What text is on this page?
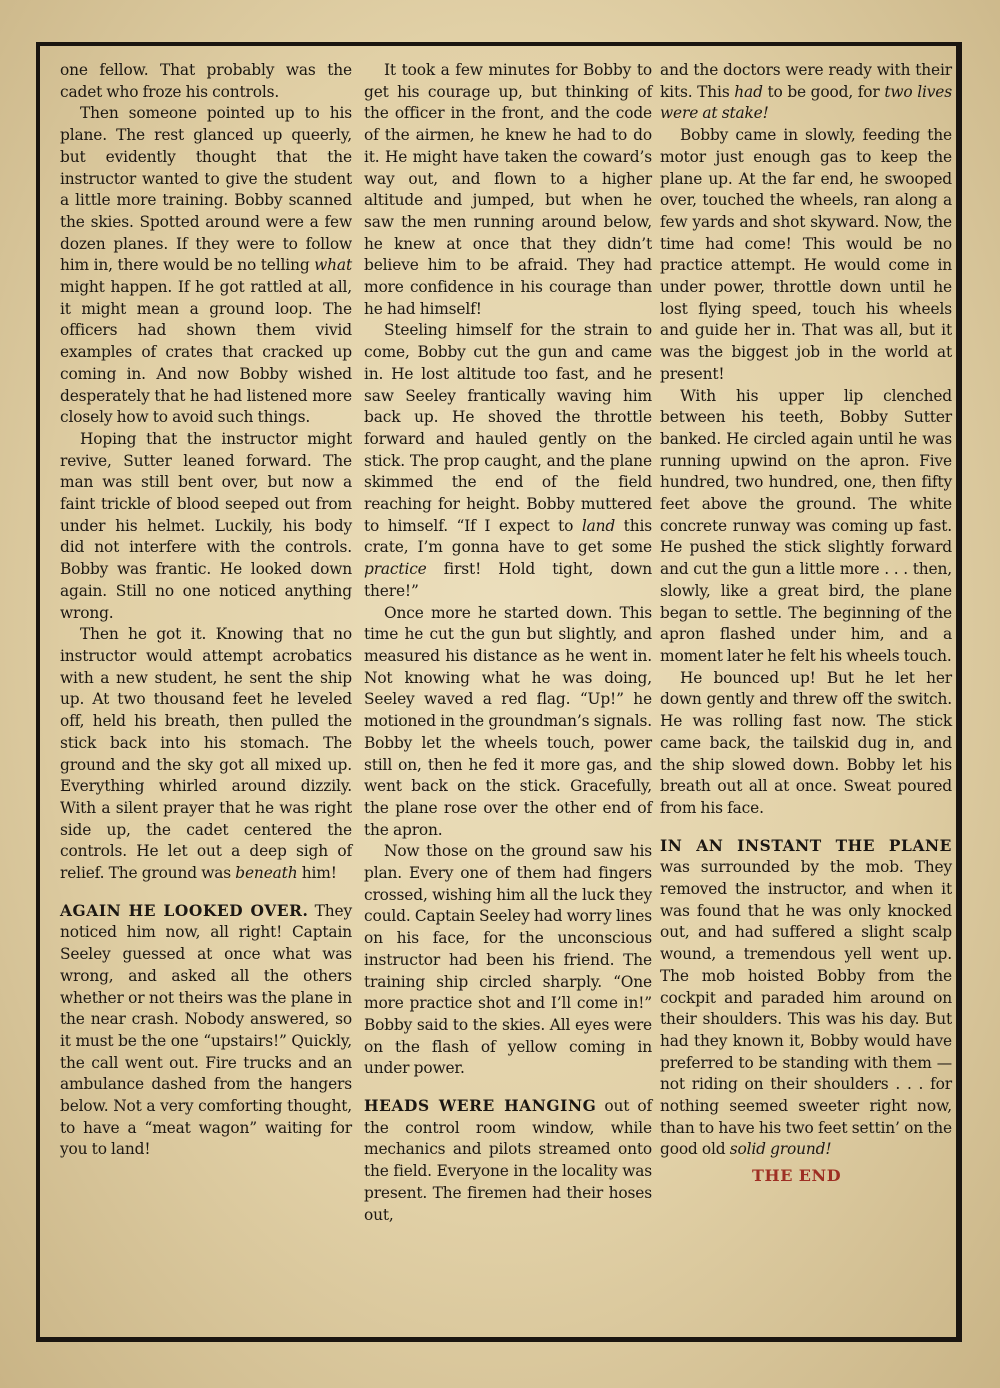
one fellow. That probably was the cadet who froze his controls.

Then someone pointed up to his plane. The rest glanced up queerly, but evidently thought that the instructor wanted to give the student a little more training. Bobby scanned the skies. Spotted around were a few dozen planes. If they were to follow him in, there would be no telling what might happen. If he got rattled at all, it might mean a ground loop. The officers had shown them vivid examples of crates that cracked up coming in. And now Bobby wished desperately that he had listened more closely how to avoid such things.

Hoping that the instructor might revive, Sutter leaned forward. The man was still bent over, but now a faint trickle of blood seeped out from under his helmet. Luckily, his body did not interfere with the controls. Bobby was frantic. He looked down again. Still no one noticed anything wrong.

Then he got it. Knowing that no instructor would attempt acrobatics with a new student, he sent the ship up. At two thousand feet he leveled off, held his breath, then pulled the stick back into his stomach. The ground and the sky got all mixed up. Everything whirled around dizzily. With a silent prayer that he was right side up, the cadet centered the controls. He let out a deep sigh of relief. The ground was beneath him!

AGAIN HE LOOKED OVER. They noticed him now, all right! Captain Seeley guessed at once what was wrong, and asked all the others whether or not theirs was the plane in the near crash. Nobody answered, so it must be the one “upstairs!” Quickly, the call went out. Fire trucks and an ambulance dashed from the hangers below. Not a very comforting thought, to have a “meat wagon” waiting for you to land!

It took a few minutes for Bobby to get his courage up, but thinking of the officer in the front, and the code of the airmen, he knew he had to do it. He might have taken the coward’s way out, and flown to a higher altitude and jumped, but when he saw the men running around below, he knew at once that they didn’t believe him to be afraid. They had more confidence in his courage than he had himself!

Steeling himself for the strain to come, Bobby cut the gun and came in. He lost altitude too fast, and he saw Seeley frantically waving him back up. He shoved the throttle forward and hauled gently on the stick. The prop caught, and the plane skimmed the end of the field reaching for height. Bobby muttered to himself. “If I expect to land this crate, I’m gonna have to get some practice first! Hold tight, down there!”

Once more he started down. This time he cut the gun but slightly, and measured his distance as he went in. Not knowing what he was doing, Seeley waved a red flag. “Up!” he motioned in the groundman’s signals. Bobby let the wheels touch, power still on, then he fed it more gas, and went back on the stick. Gracefully, the plane rose over the other end of the apron.

Now those on the ground saw his plan. Every one of them had fingers crossed, wishing him all the luck they could. Captain Seeley had worry lines on his face, for the unconscious instructor had been his friend. The training ship circled sharply. “One more practice shot and I’ll come in!” Bobby said to the skies. All eyes were on the flash of yellow coming in under power.

HEADS WERE HANGING out of the control room window, while mechanics and pilots streamed onto the field. Everyone in the locality was present. The firemen had their hoses out,

and the doctors were ready with their kits. This had to be good, for two lives were at stake!

Bobby came in slowly, feeding the motor just enough gas to keep the plane up. At the far end, he swooped over, touched the wheels, ran along a few yards and shot skyward. Now, the time had come! This would be no practice attempt. He would come in under power, throttle down until he lost flying speed, touch his wheels and guide her in. That was all, but it was the biggest job in the world at present!

With his upper lip clenched between his teeth, Bobby Sutter banked. He circled again until he was running upwind on the apron. Five hundred, two hundred, one, then fifty feet above the ground. The white concrete runway was coming up fast. He pushed the stick slightly forward and cut the gun a little more . . . then, slowly, like a great bird, the plane began to settle. The beginning of the apron flashed under him, and a moment later he felt his wheels touch.

He bounced up! But he let her down gently and threw off the switch. He was rolling fast now. The stick came back, the tailskid dug in, and the ship slowed down. Bobby let his breath out all at once. Sweat poured from his face.

IN AN INSTANT THE PLANE was surrounded by the mob. They removed the instructor, and when it was found that he was only knocked out, and had suffered a slight scalp wound, a tremendous yell went up. The mob hoisted Bobby from the cockpit and paraded him around on their shoulders. This was his day. But had they known it, Bobby would have preferred to be standing with them —not riding on their shoulders . . . for nothing seemed sweeter right now, than to have his two feet settin’ on the good old solid ground!

THE END
